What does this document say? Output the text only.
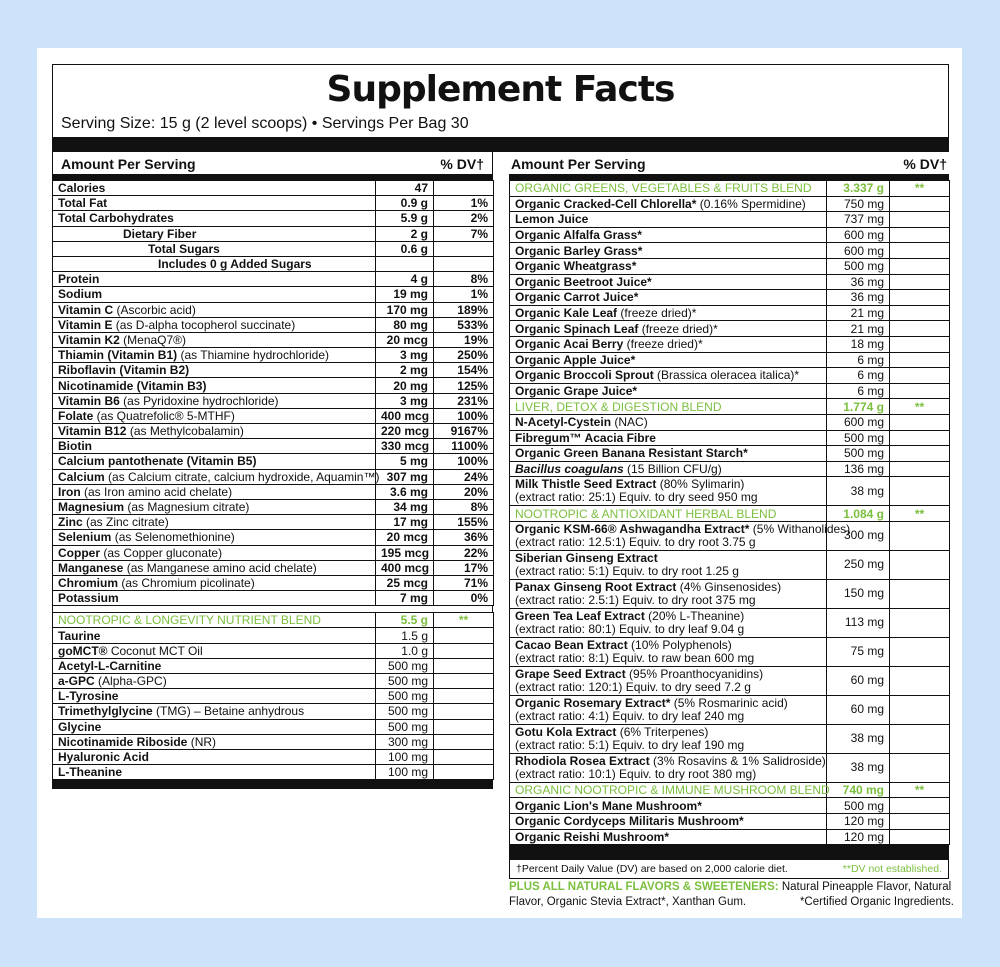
Supplement Facts
Serving Size: 15 g (2 level scoops) • Servings Per Bag 30
Amount Per Serving	% DV†
Calories	47	
Total Fat	0.9 g	1%
Total Carbohydrates	5.9 g	2%
Dietary Fiber	2 g	7%
Total Sugars	0.6 g	
Includes 0 g Added Sugars		
Protein	4 g	8%
Sodium	19 mg	1%
Vitamin C (Ascorbic acid)	170 mg	189%
Vitamin E (as D-alpha tocopherol succinate)	80 mg	533%
Vitamin K2 (MenaQ7®)	20 mcg	19%
Thiamin (Vitamin B1) (as Thiamine hydrochloride)	3 mg	250%
Riboflavin (Vitamin B2)	2 mg	154%
Nicotinamide (Vitamin B3)	20 mg	125%
Vitamin B6 (as Pyridoxine hydrochloride)	3 mg	231%
Folate (as Quatrefolic® 5-MTHF)	400 mcg	100%
Vitamin B12 (as Methylcobalamin)	220 mcg	9167%
Biotin	330 mcg	1100%
Calcium pantothenate (Vitamin B5)	5 mg	100%
Calcium (as Calcium citrate, calcium hydroxide, Aquamin™)	307 mg	24%
Iron (as Iron amino acid chelate)	3.6 mg	20%
Magnesium (as Magnesium citrate)	34 mg	8%
Zinc (as Zinc citrate)	17 mg	155%
Selenium (as Selenomethionine)	20 mcg	36%
Copper (as Copper gluconate)	195 mcg	22%
Manganese (as Manganese amino acid chelate)	400 mcg	17%
Chromium (as Chromium picolinate)	25 mcg	71%
Potassium	7 mg	0%
NOOTROPIC & LONGEVITY NUTRIENT BLEND	5.5 g	**
Taurine	1.5 g	
goMCT® Coconut MCT Oil	1.0 g	
Acetyl-L-Carnitine	500 mg	
a-GPC (Alpha-GPC)	500 mg	
L-Tyrosine	500 mg	
Trimethylglycine (TMG) – Betaine anhydrous	500 mg	
Glycine	500 mg	
Nicotinamide Riboside (NR)	300 mg	
Hyaluronic Acid	100 mg	
L-Theanine	100 mg	
Amount Per Serving	% DV†
ORGANIC GREENS, VEGETABLES & FRUITS BLEND	3.337 g	**
Organic Cracked-Cell Chlorella* (0.16% Spermidine)	750 mg	
Lemon Juice	737 mg	
Organic Alfalfa Grass*	600 mg	
Organic Barley Grass*	600 mg	
Organic Wheatgrass*	500 mg	
Organic Beetroot Juice*	36 mg	
Organic Carrot Juice*	36 mg	
Organic Kale Leaf (freeze dried)*	21 mg	
Organic Spinach Leaf (freeze dried)*	21 mg	
Organic Acai Berry (freeze dried)*	18 mg	
Organic Apple Juice*	6 mg	
Organic Broccoli Sprout (Brassica oleracea italica)*	6 mg	
Organic Grape Juice*	6 mg	
LIVER, DETOX & DIGESTION BLEND	1.774 g	**
N-Acetyl-Cystein (NAC)	600 mg	
Fibregum™ Acacia Fibre	500 mg	
Organic Green Banana Resistant Starch*	500 mg	
Bacillus coagulans (15 Billion CFU/g)	136 mg	
Milk Thistle Seed Extract (80% Sylimarin)
(extract ratio: 25:1) Equiv. to dry seed 950 mg	38 mg	
NOOTROPIC & ANTIOXIDANT HERBAL BLEND	1.084 g	**
Organic KSM-66® Ashwagandha Extract* (5% Withanolides)
(extract ratio: 12.5:1) Equiv. to dry root 3.75 g	300 mg	
Siberian Ginseng Extract
(extract ratio: 5:1) Equiv. to dry root 1.25 g	250 mg	
Panax Ginseng Root Extract (4% Ginsenosides)
(extract ratio: 2.5:1) Equiv. to dry root 375 mg	150 mg	
Green Tea Leaf Extract (20% L-Theanine)
(extract ratio: 80:1) Equiv. to dry leaf 9.04 g	113 mg	
Cacao Bean Extract (10% Polyphenols)
(extract ratio: 8:1) Equiv. to raw bean 600 mg	75 mg	
Grape Seed Extract (95% Proanthocyanidins)
(extract ratio: 120:1) Equiv. to dry seed 7.2 g	60 mg	
Organic Rosemary Extract* (5% Rosmarinic acid)
(extract ratio: 4:1) Equiv. to dry leaf 240 mg	60 mg	
Gotu Kola Extract (6% Triterpenes)
(extract ratio: 5:1) Equiv. to dry leaf 190 mg	38 mg	
Rhodiola Rosea Extract (3% Rosavins & 1% Salidroside)
(extract ratio: 10:1) Equiv. to dry root 380 mg)	38 mg	
ORGANIC NOOTROPIC & IMMUNE MUSHROOM BLEND	740 mg	**
Organic Lion's Mane Mushroom*	500 mg	
Organic Cordyceps Militaris Mushroom*	120 mg	
Organic Reishi Mushroom*	120 mg	
†Percent Daily Value (DV) are based on 2,000 calorie diet.	**DV not established.
PLUS ALL NATURAL FLAVORS & SWEETENERS: Natural Pineapple Flavor, Natural Flavor, Organic Stevia Extract*, Xanthan Gum.	*Certified Organic Ingredients.
